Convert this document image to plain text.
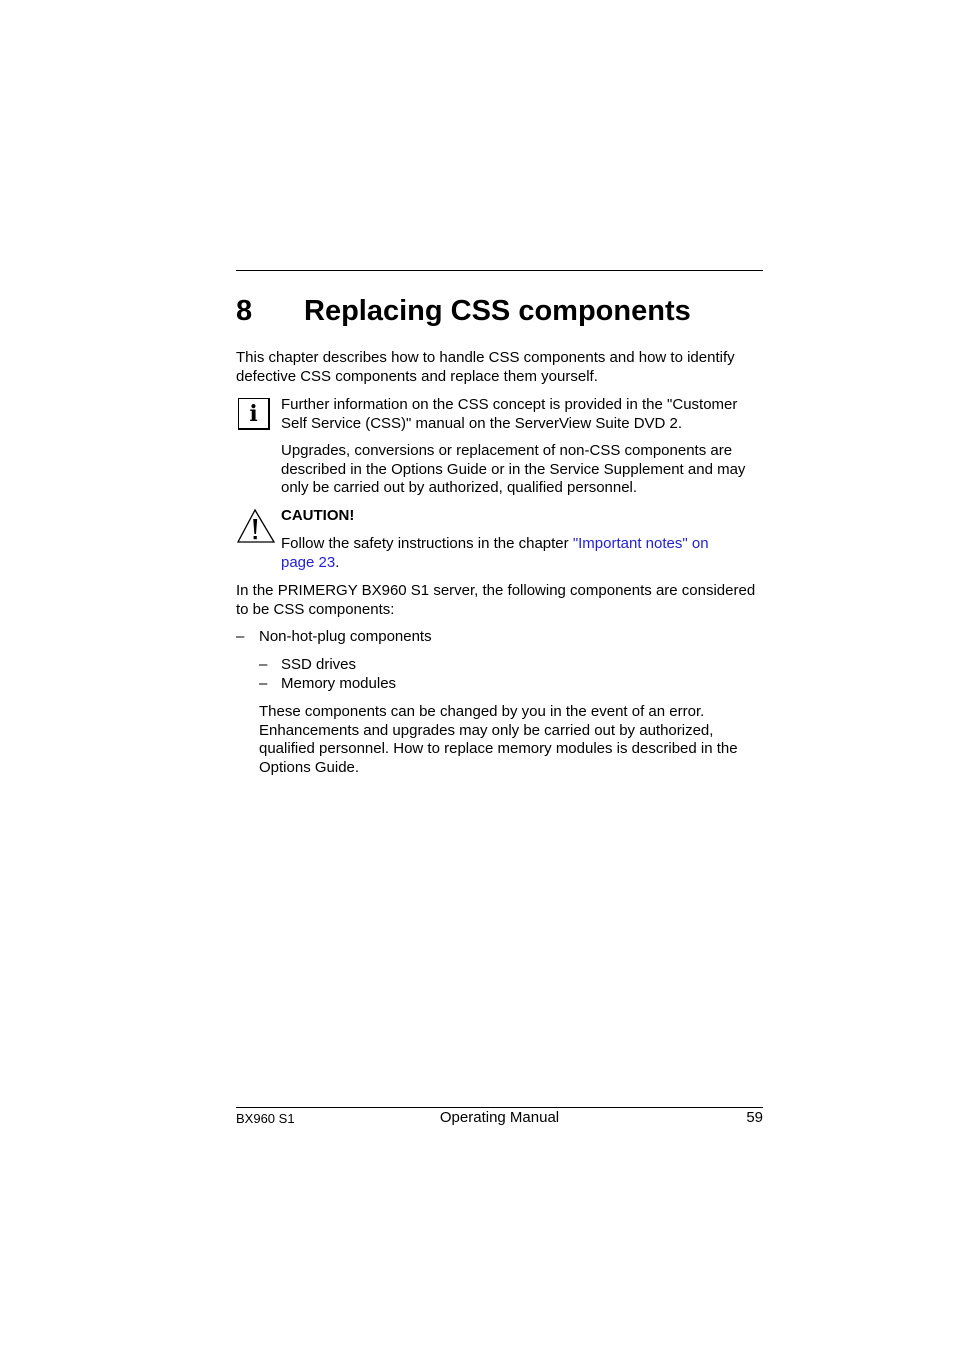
8 Replacing CSS components
This chapter describes how to handle CSS components and how to identify
defective CSS components and replace them yourself.
i	Further information on the CSS concept is provided in the "Customer
Self Service (CSS)" manual on the ServerView Suite DVD 2.
Upgrades, conversions or replacement of non-CSS components are
described in the Options Guide or in the Service Supplement and may
only be carried out by authorized, qualified personnel.
CAUTION!
Follow the safety instructions in the chapter "Important notes" on
page 23.
In the PRIMERGY BX960 S1 server, the following components are considered
to be CSS components:
– Non-hot-plug components
– SSD drives
– Memory modules
These components can be changed by you in the event of an error.
Enhancements and upgrades may only be carried out by authorized,
qualified personnel. How to replace memory modules is described in the
Options Guide.
BX960 S1	Operating Manual	59
